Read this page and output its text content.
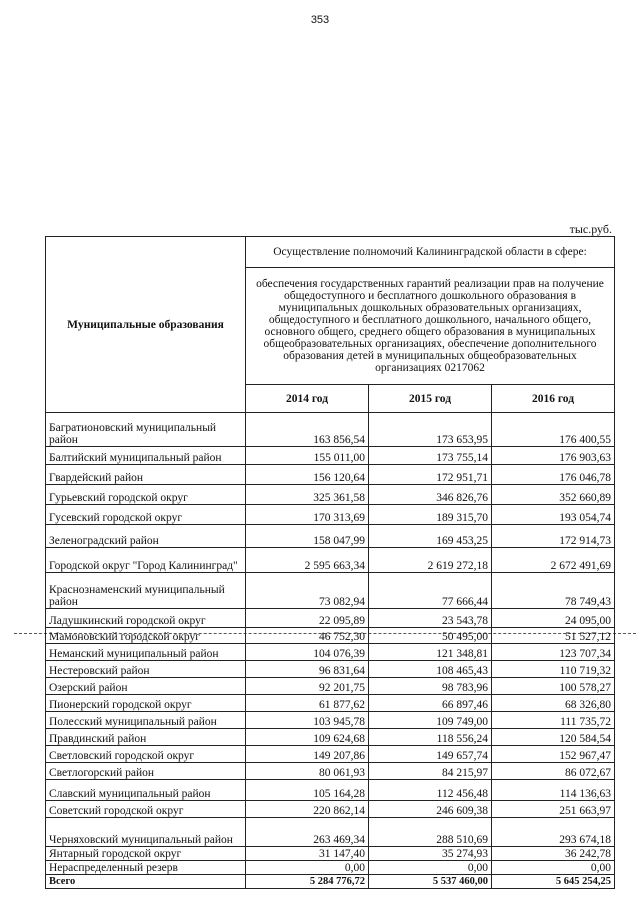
353
тыс.руб.
Муниципальные образования	Осуществление полномочий Калининградской области в сфере:		
	обеспечения государственных гарантий реализации прав на получение общедоступного и бесплатного дошкольного образования в муниципальных дошкольных образовательных организациях, общедоступного и бесплатного дошкольного, начального общего, основного общего, среднего общего образования в муниципальных общеобразовательных организациях, обеспечение дополнительного образования детей в муниципальных общеобразовательных организациях 0217062		
	2014 год	2015 год	2016 год
Багратионовский муниципальный район	163 856,54	173 653,95	176 400,55
Балтийский муниципальный район	155 011,00	173 755,14	176 903,63
Гвардейский район	156 120,64	172 951,71	176 046,78
Гурьевский городской округ	325 361,58	346 826,76	352 660,89
Гусевский городской округ	170 313,69	189 315,70	193 054,74
Зеленоградский район	158 047,99	169 453,25	172 914,73
Городской округ "Город Калининград"	2 595 663,34	2 619 272,18	2 672 491,69
Краснознаменский муниципальный район	73 082,94	77 666,44	78 749,43
Ладушкинский городской округ	22 095,89	23 543,78	24 095,00
Мамоновский городской округ	46 752,30	50 495,00	51 527,12
Неманский муниципальный район	104 076,39	121 348,81	123 707,34
Нестеровский район	96 831,64	108 465,43	110 719,32
Озерский район	92 201,75	98 783,96	100 578,27
Пионерский городской округ	61 877,62	66 897,46	68 326,80
Полесский муниципальный район	103 945,78	109 749,00	111 735,72
Правдинский район	109 624,68	118 556,24	120 584,54
Светловский городской округ	149 207,86	149 657,74	152 967,47
Светлогорский район	80 061,93	84 215,97	86 072,67
Славский муниципальный район	105 164,28	112 456,48	114 136,63
Советский городской округ	220 862,14	246 609,38	251 663,97
Черняховский муниципальный район	263 469,34	288 510,69	293 674,18
Янтарный городской округ	31 147,40	35 274,93	36 242,78
Нераспределенный резерв	0,00	0,00	0,00
Всего	5 284 776,72	5 537 460,00	5 645 254,25
